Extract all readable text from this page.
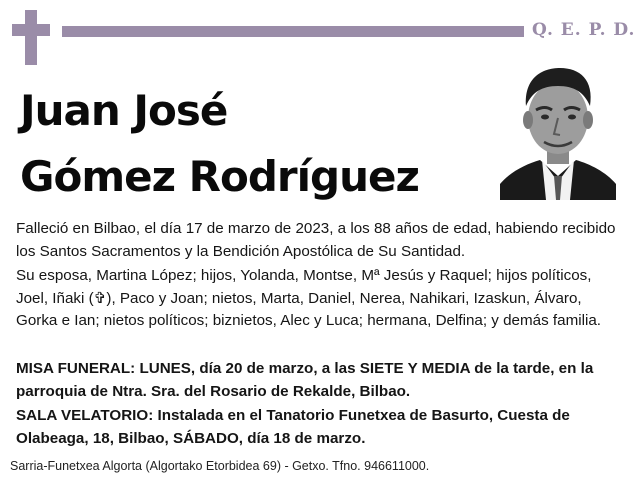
Q. E. P. D.
Juan José
Gómez Rodríguez
Falleció en Bilbao, el día 17 de marzo de 2023, a los 88 años de edad, habiendo recibido los Santos Sacramentos y la Bendición Apostólica de Su Santidad.
Su esposa, Martina López; hijos, Yolanda, Montse, Mª Jesús y Raquel; hijos políticos, Joel, Iñaki (✞), Paco y Joan; nietos, Marta, Daniel, Nerea, Nahikari, Izaskun, Álvaro, Gorka e Ian; nietos políticos; biznietos, Alec y Luca; hermana, Delfina; y demás familia.
MISA FUNERAL: LUNES, día 20 de marzo, a las SIETE Y MEDIA de la tarde, en la parroquia de Ntra. Sra. del Rosario de Rekalde, Bilbao.
SALA VELATORIO: Instalada en el Tanatorio Funetxea de Basurto, Cuesta de Olabeaga, 18, Bilbao, SÁBADO, día 18 de marzo.
Sarria-Funetxea Algorta (Algortako Etorbidea 69) - Getxo. Tfno. 946611000.
